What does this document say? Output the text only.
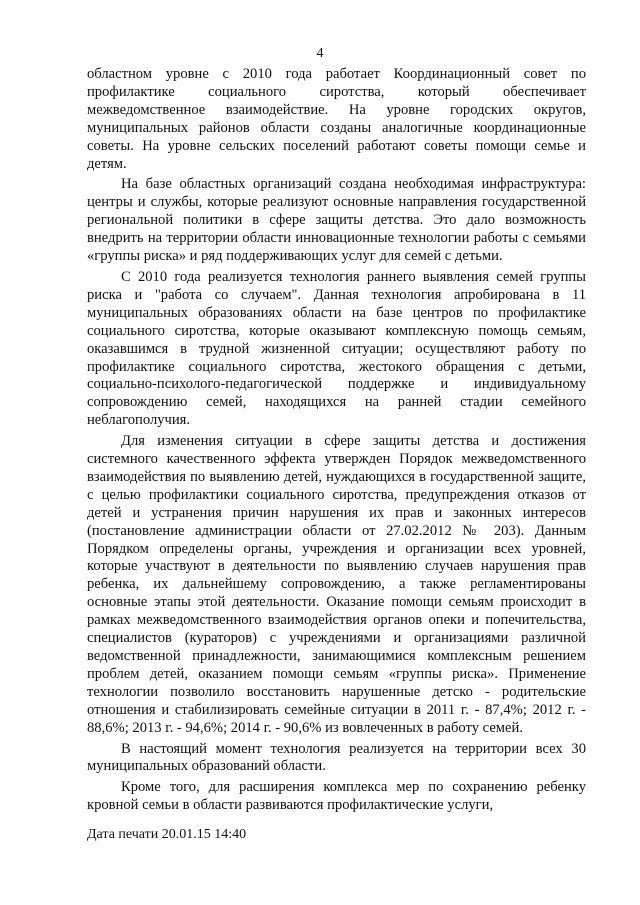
4

областном уровне с 2010 года работает Координационный совет по профилактике социального сиротства, который обеспечивает межведомственное взаимодействие. На уровне городских округов, муниципальных районов области созданы аналогичные координационные советы. На уровне сельских поселений работают советы помощи семье и детям.

На базе областных организаций создана необходимая инфраструктура: центры и службы, которые реализуют основные направления государственной региональной политики в сфере защиты детства. Это дало возможность внедрить на территории области инновационные технологии работы с семьями «группы риска» и ряд поддерживающих услуг для семей с детьми.

С 2010 года реализуется технология раннего выявления семей группы риска и "работа со случаем". Данная технология апробирована в 11 муниципальных образованиях области на базе центров по профилактике социального сиротства, которые оказывают комплексную помощь семьям, оказавшимся в трудной жизненной ситуации; осуществляют работу по профилактике социального сиротства, жестокого обращения с детьми, социально-психолого-педагогической поддержке и индивидуальному сопровождению семей, находящихся на ранней стадии семейного неблагополучия.

Для изменения ситуации в сфере защиты детства и достижения системного качественного эффекта утвержден Порядок межведомственного взаимодействия по выявлению детей, нуждающихся в государственной защите, с целью профилактики социального сиротства, предупреждения отказов от детей и устранения причин нарушения их прав и законных интересов (постановление администрации области от 27.02.2012 № 203). Данным Порядком определены органы, учреждения и организации всех уровней, которые участвуют в деятельности по выявлению случаев нарушения прав ребенка, их дальнейшему сопровождению, а также регламентированы основные этапы этой деятельности. Оказание помощи семьям происходит в рамках межведомственного взаимодействия органов опеки и попечительства, специалистов (кураторов) с учреждениями и организациями различной ведомственной принадлежности, занимающимися комплексным решением проблем детей, оказанием помощи семьям «группы риска». Применение технологии позволило восстановить нарушенные детско - родительские отношения и стабилизировать семейные ситуации в 2011 г. - 87,4%; 2012 г. - 88,6%; 2013 г. - 94,6%; 2014 г. - 90,6% из вовлеченных в работу семей.

В настоящий момент технология реализуется на территории всех 30 муниципальных образований области.

Кроме того, для расширения комплекса мер по сохранению ребенку кровной семьи в области развиваются профилактические услуги,

Дата печати 20.01.15 14:40
